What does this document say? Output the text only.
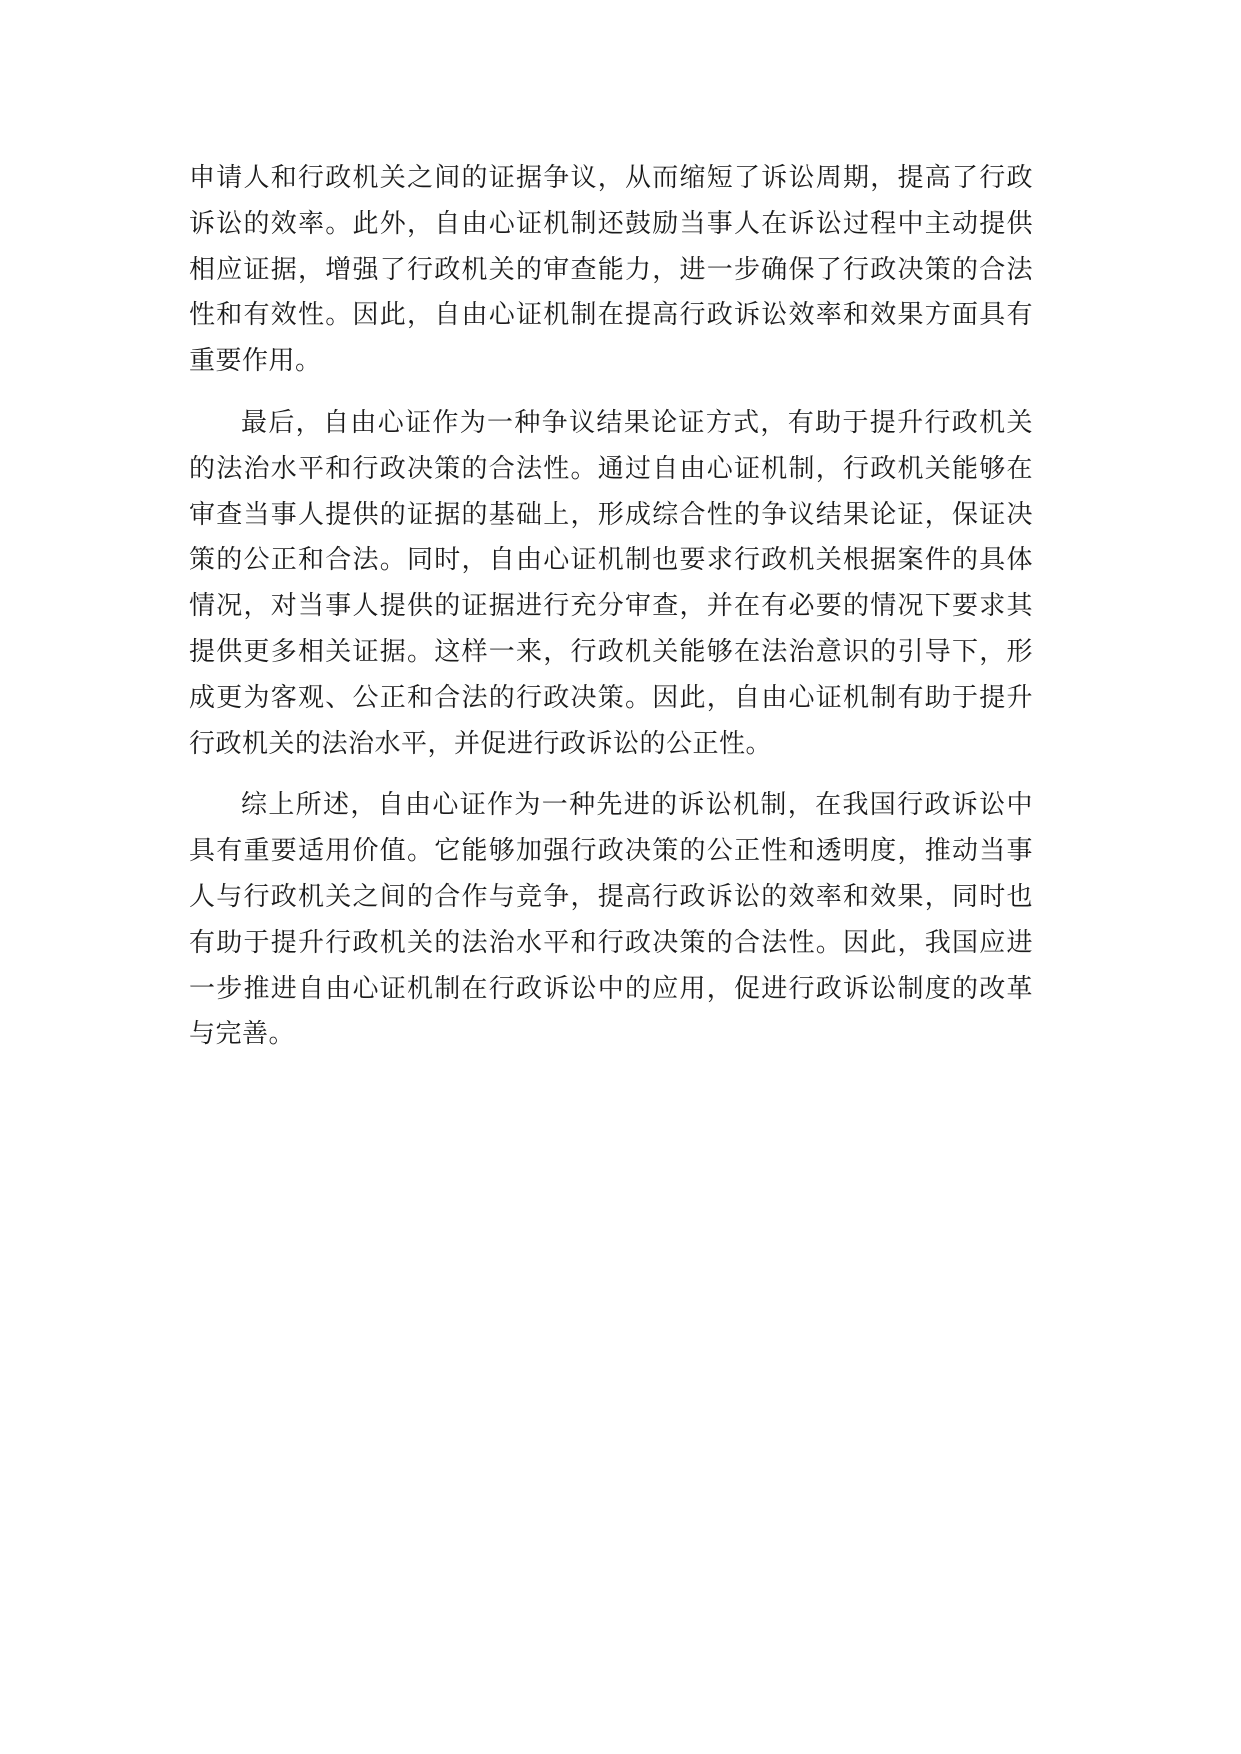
申请人和行政机关之间的证据争议，从而缩短了诉讼周期，提高了行政诉讼的效率。此外，自由心证机制还鼓励当事人在诉讼过程中主动提供相应证据，增强了行政机关的审查能力，进一步确保了行政决策的合法性和有效性。因此，自由心证机制在提高行政诉讼效率和效果方面具有重要作用。

最后，自由心证作为一种争议结果论证方式，有助于提升行政机关的法治水平和行政决策的合法性。通过自由心证机制，行政机关能够在审查当事人提供的证据的基础上，形成综合性的争议结果论证，保证决策的公正和合法。同时，自由心证机制也要求行政机关根据案件的具体情况，对当事人提供的证据进行充分审查，并在有必要的情况下要求其提供更多相关证据。这样一来，行政机关能够在法治意识的引导下，形成更为客观、公正和合法的行政决策。因此，自由心证机制有助于提升行政机关的法治水平，并促进行政诉讼的公正性。

综上所述，自由心证作为一种先进的诉讼机制，在我国行政诉讼中具有重要适用价值。它能够加强行政决策的公正性和透明度，推动当事人与行政机关之间的合作与竞争，提高行政诉讼的效率和效果，同时也有助于提升行政机关的法治水平和行政决策的合法性。因此，我国应进一步推进自由心证机制在行政诉讼中的应用，促进行政诉讼制度的改革与完善。
